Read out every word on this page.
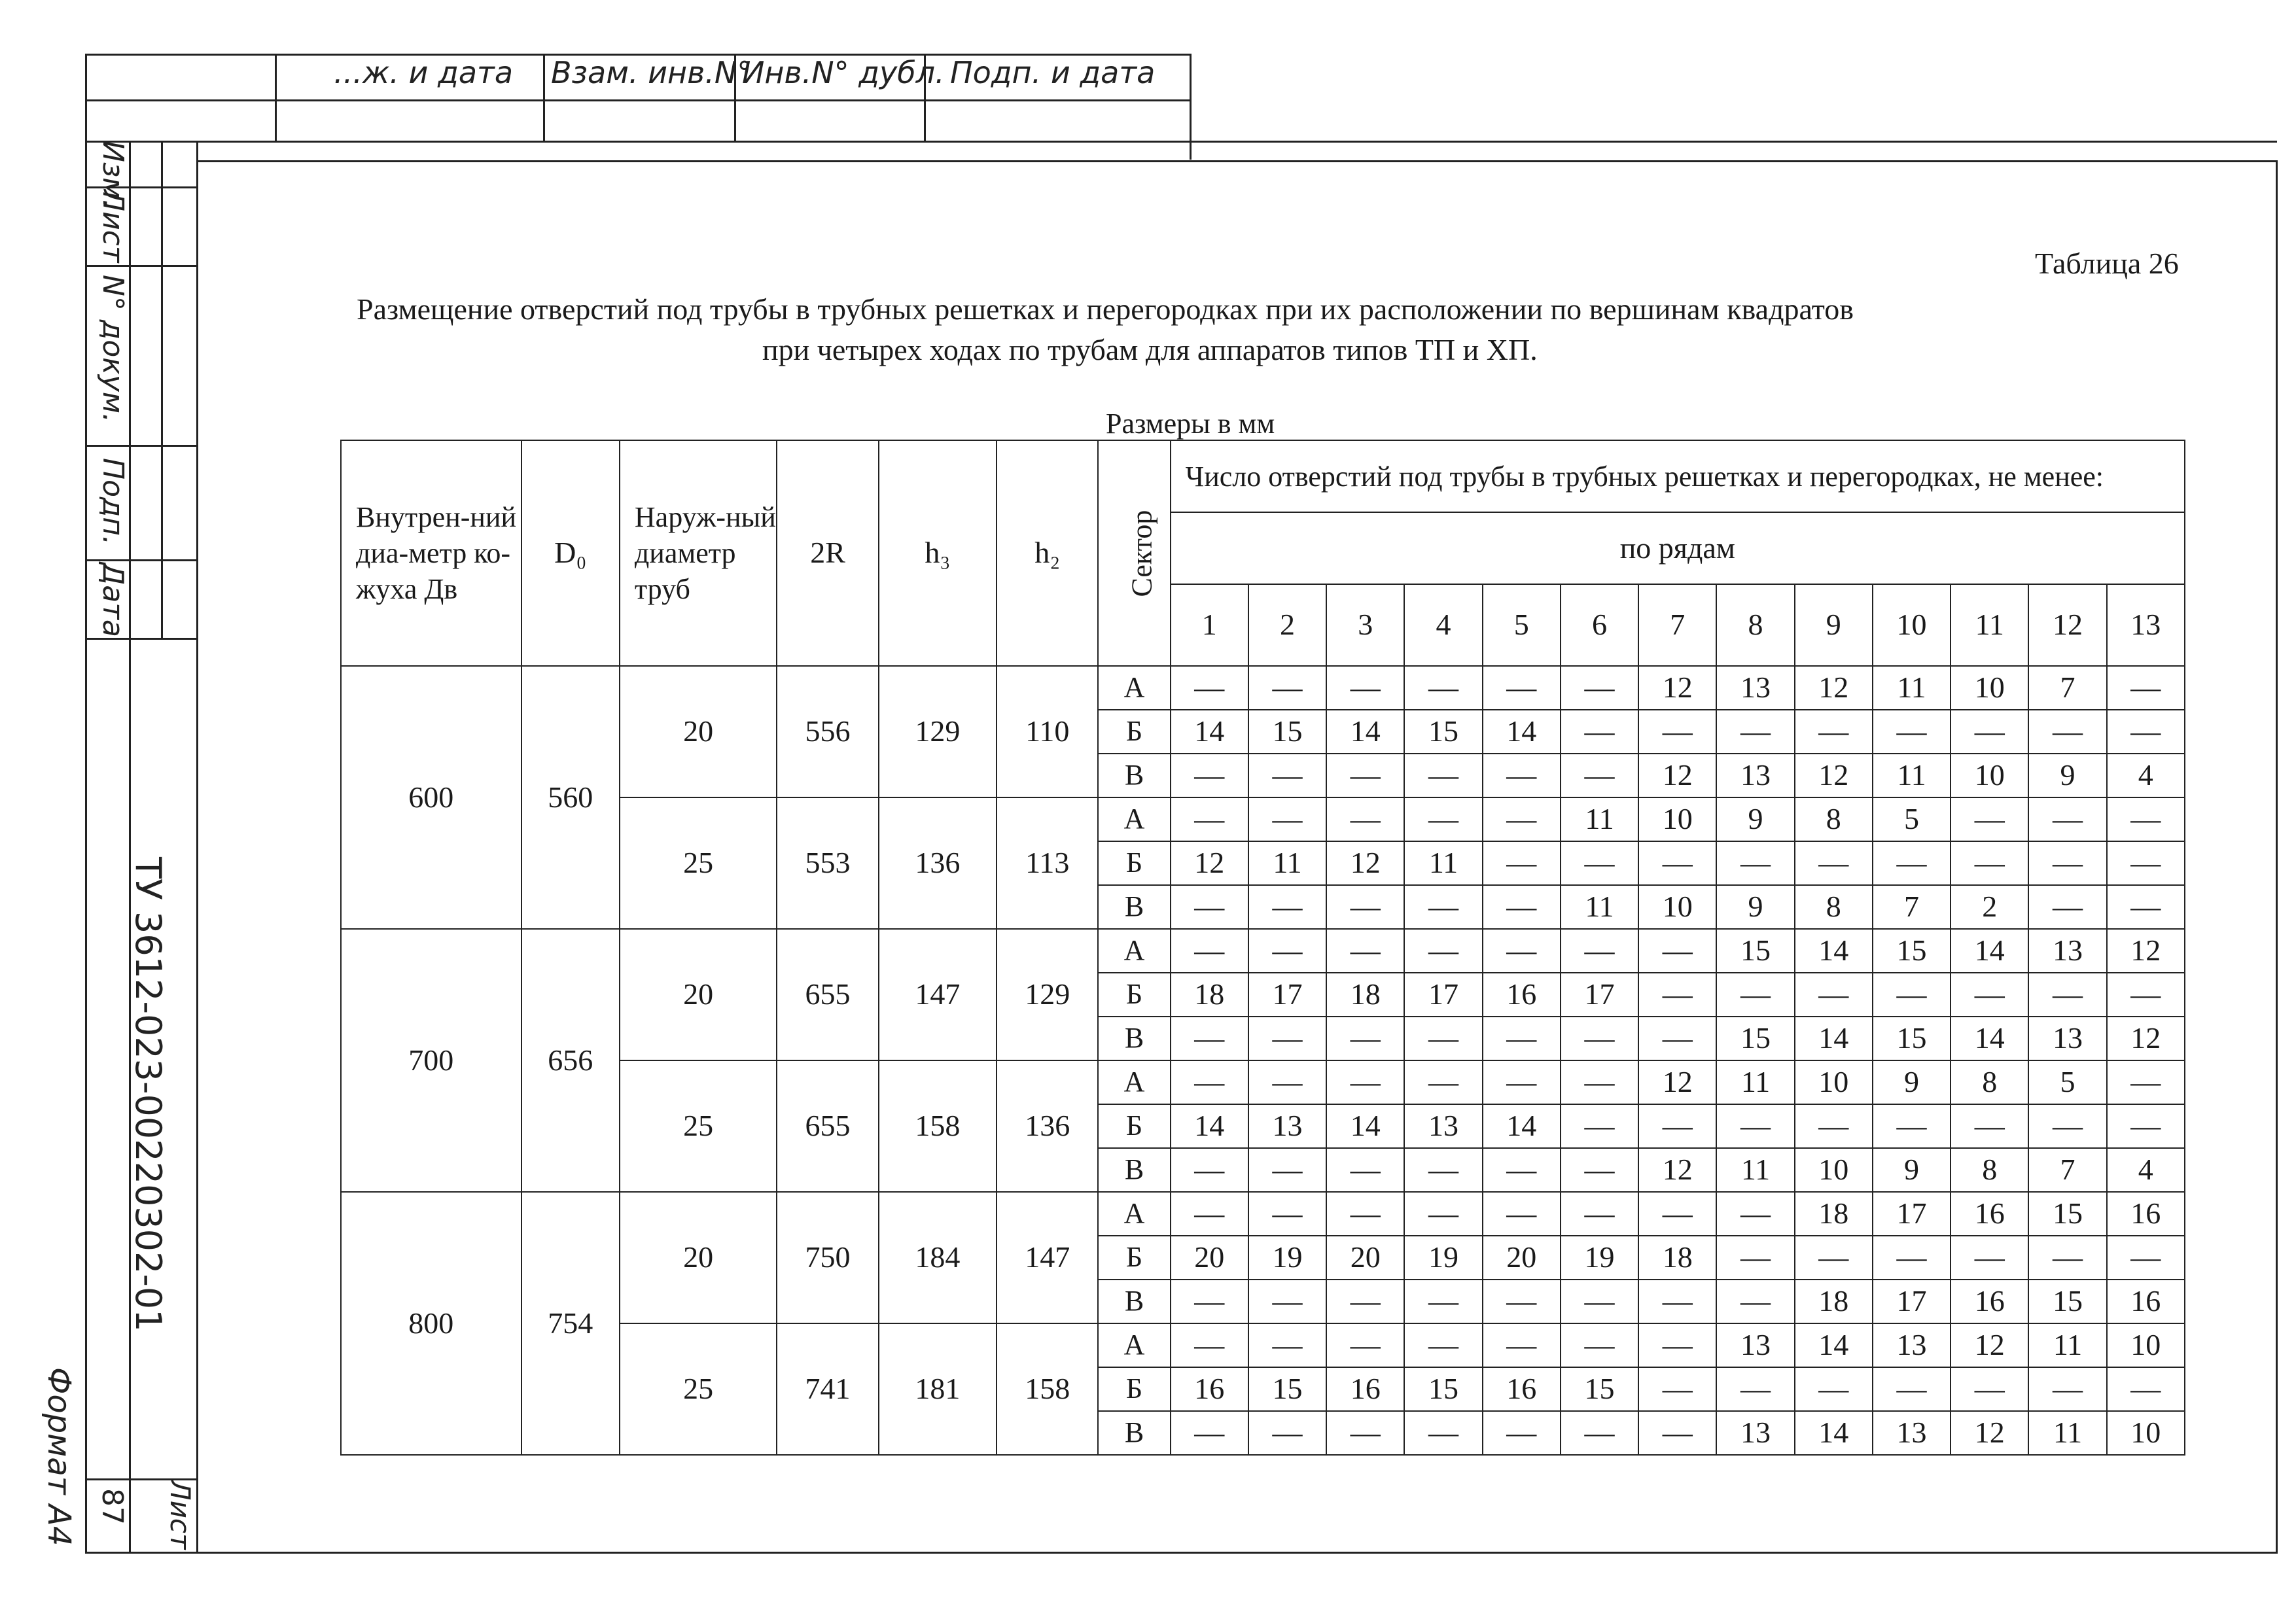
...ж. и дата Взам. инв.N°
Инв.N° дубл. Подп. и дата
Изм.
Лист
N° докум.
Подп.
Дата
ТУ 3612-023-00220302-01
Лист
87
Формат А4
Таблица 26
Размещение отверстий под трубы в трубных решетках и перегородках при их расположении по вершинам квадратов
при четырех ходах по трубам для аппаратов типов ТП и ХП.
Размеры в мм
Внутрен-ний диа-метр ко-жуха Дв	D₀	Наруж-ный диаметр труб	2R	h₃	h₂	Сектор	Число отверстий под трубы в трубных решетках и перегородках, не менее:												
							по рядам												
							1	2	3	4	5	6	7	8	9	10	11	12	13
600	560	20	556	129	110	А	—	—	—	—	—	—	12	13	12	11	10	7	—
						Б	14	15	14	15	14	—	—	—	—	—	—	—	—
						В	—	—	—	—	—	—	12	13	12	11	10	9	4
		25	553	136	113	А	—	—	—	—	—	11	10	9	8	5	—	—	—
						Б	12	11	12	11	—	—	—	—	—	—	—	—	—
						В	—	—	—	—	—	11	10	9	8	7	2	—	—
700	656	20	655	147	129	А	—	—	—	—	—	—	—	15	14	15	14	13	12
						Б	18	17	18	17	16	17	—	—	—	—	—	—	—
						В	—	—	—	—	—	—	—	15	14	15	14	13	12
		25	655	158	136	А	—	—	—	—	—	—	12	11	10	9	8	5	—
						Б	14	13	14	13	14	—	—	—	—	—	—	—	—
						В	—	—	—	—	—	—	12	11	10	9	8	7	4
800	754	20	750	184	147	А	—	—	—	—	—	—	—	—	18	17	16	15	16
						Б	20	19	20	19	20	19	18	—	—	—	—	—	—
						В	—	—	—	—	—	—	—	—	18	17	16	15	16
		25	741	181	158	А	—	—	—	—	—	—	—	13	14	13	12	11	10
						Б	16	15	16	15	16	15	—	—	—	—	—	—	—
						В	—	—	—	—	—	—	—	13	14	13	12	11	10
